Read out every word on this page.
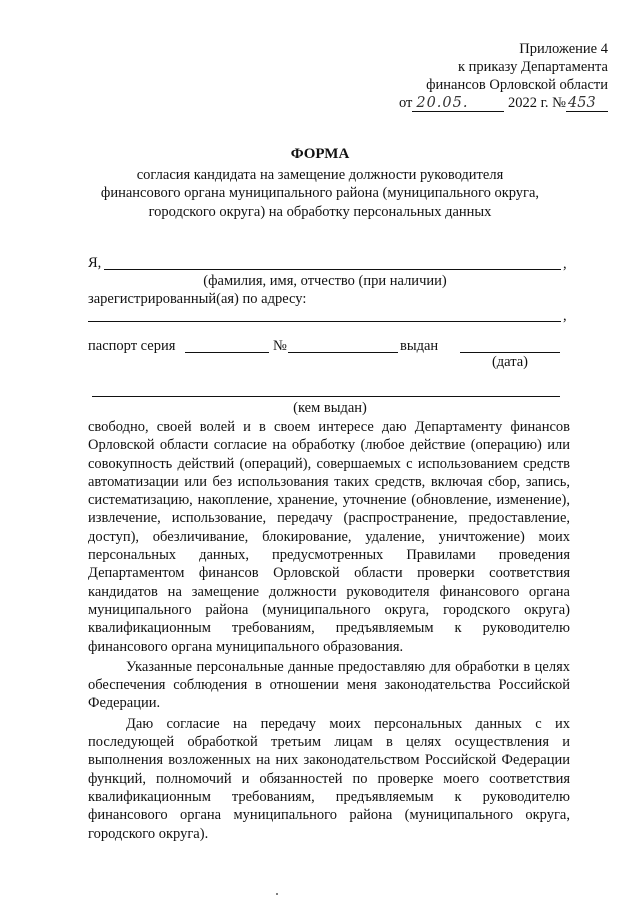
Приложение 4
к приказу Департамента
финансов Орловской области
от 20.05.	2022 г. № 453
ФОРМА
согласия кандидата на замещение должности руководителя
финансового органа муниципального района (муниципального округа,
городского округа) на обработку персональных данных
Я,	,
(фамилия, имя, отчество (при наличии)
зарегистрированный(ая) по адресу:
,
паспорт серия	№	выдан
(дата)
(кем выдан)

свободно, своей волей и в своем интересе даю Департаменту финансов Орловской области согласие на обработку (любое действие (операцию) или совокупность действий (операций), совершаемых с использованием средств автоматизации или без использования таких средств, включая сбор, запись, систематизацию, накопление, хранение, уточнение (обновление, изменение), извлечение, использование, передачу (распространение, предоставление, доступ), обезличивание, блокирование, удаление, уничтожение) моих персональных данных, предусмотренных Правилами проведения Департаментом финансов Орловской области проверки соответствия кандидатов на замещение должности руководителя финансового органа муниципального района (муниципального округа, городского округа) квалификационным требованиям, предъявляемым к руководителю финансового органа муниципального образования.

Указанные персональные данные предоставляю для обработки в целях обеспечения соблюдения в отношении меня законодательства Российской Федерации.

Даю согласие на передачу моих персональных данных с их последующей обработкой третьим лицам в целях осуществления и выполнения возложенных на них законодательством Российской Федерации функций, полномочий и обязанностей по проверке моего соответствия квалификационным требованиям, предъявляемым к руководителю финансового органа муниципального района (муниципального округа, городского округа).
